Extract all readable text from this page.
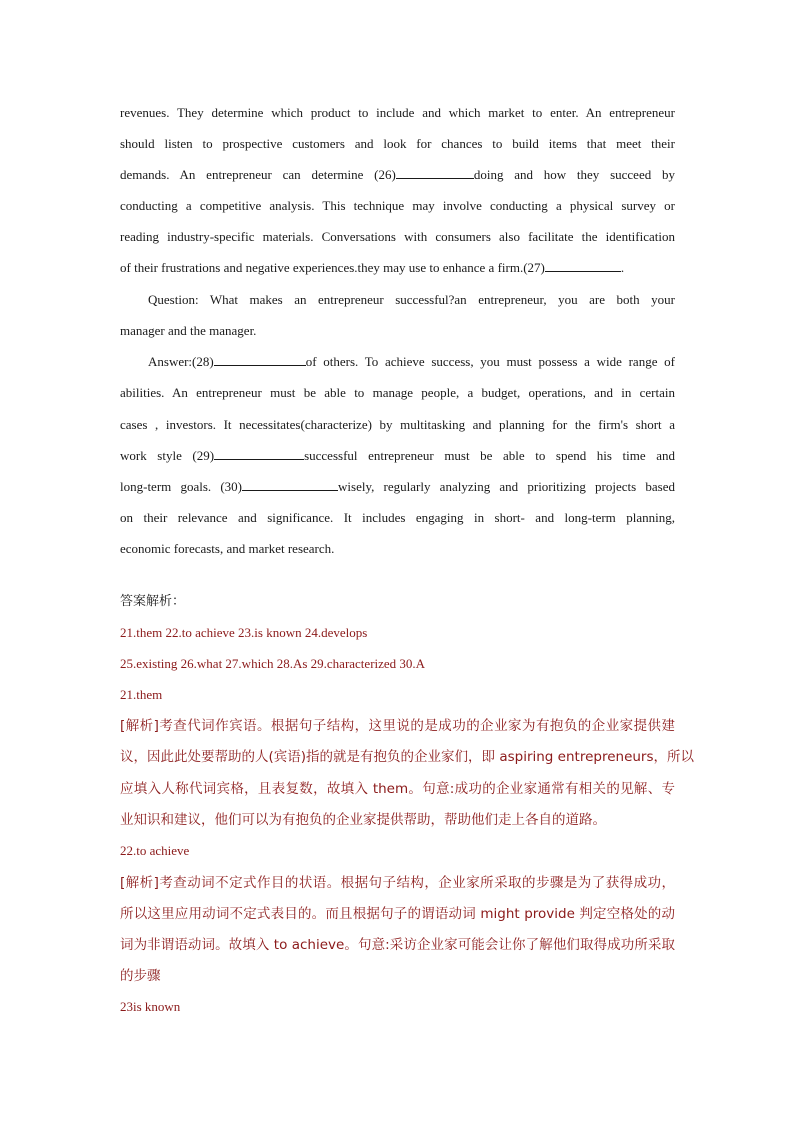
revenues. They determine which product to include and which market to enter. An entrepreneur
should listen to prospective customers and look for chances to build items that meet their
demands. An entrepreneur can determine (26)	doing and how they succeed by
conducting a competitive analysis. This technique may involve conducting a physical survey or
reading industry-specific materials. Conversations with consumers also facilitate the identification
of their frustrations and negative experiences.they may use to enhance a firm.(27)	.
Question: What makes an entrepreneur successful?an entrepreneur, you are both your
manager and the manager.
Answer:(28)	of others. To achieve success, you must possess a wide range of
abilities. An entrepreneur must be able to manage people, a budget, operations, and in certain
cases , investors. It necessitates(characterize) by multitasking and planning for the firm's short a
work style (29)	successful entrepreneur must be able to spend his time and
long-term goals. (30)	wisely, regularly analyzing and prioritizing projects based
on their relevance and significance. It includes engaging in short- and long-term planning,
economic forecasts, and market research.
答案解析：
21.them 22.to achieve 23.is known 24.develops
25.existing 26.what 27.which 28.As 29.characterized 30.A
21.them
[解析]考查代词作宾语。根据句子结构，这里说的是成功的企业家为有抱负的企业家提供建
议，因此此处要帮助的人(宾语)指的就是有抱负的企业家们，即 aspiring entrepreneurs，所以
应填入人称代词宾格，且表复数，故填入 them。句意:成功的企业家通常有相关的见解、专
业知识和建议，他们可以为有抱负的企业家提供帮助，帮助他们走上各自的道路。
22.to achieve
[解析]考查动词不定式作目的状语。根据句子结构，企业家所采取的步骤是为了获得成功，
所以这里应用动词不定式表目的。而且根据句子的谓语动词 might provide 判定空格处的动
词为非谓语动词。故填入 to achieve。句意:采访企业家可能会让你了解他们取得成功所采取
的步骤
23is known
